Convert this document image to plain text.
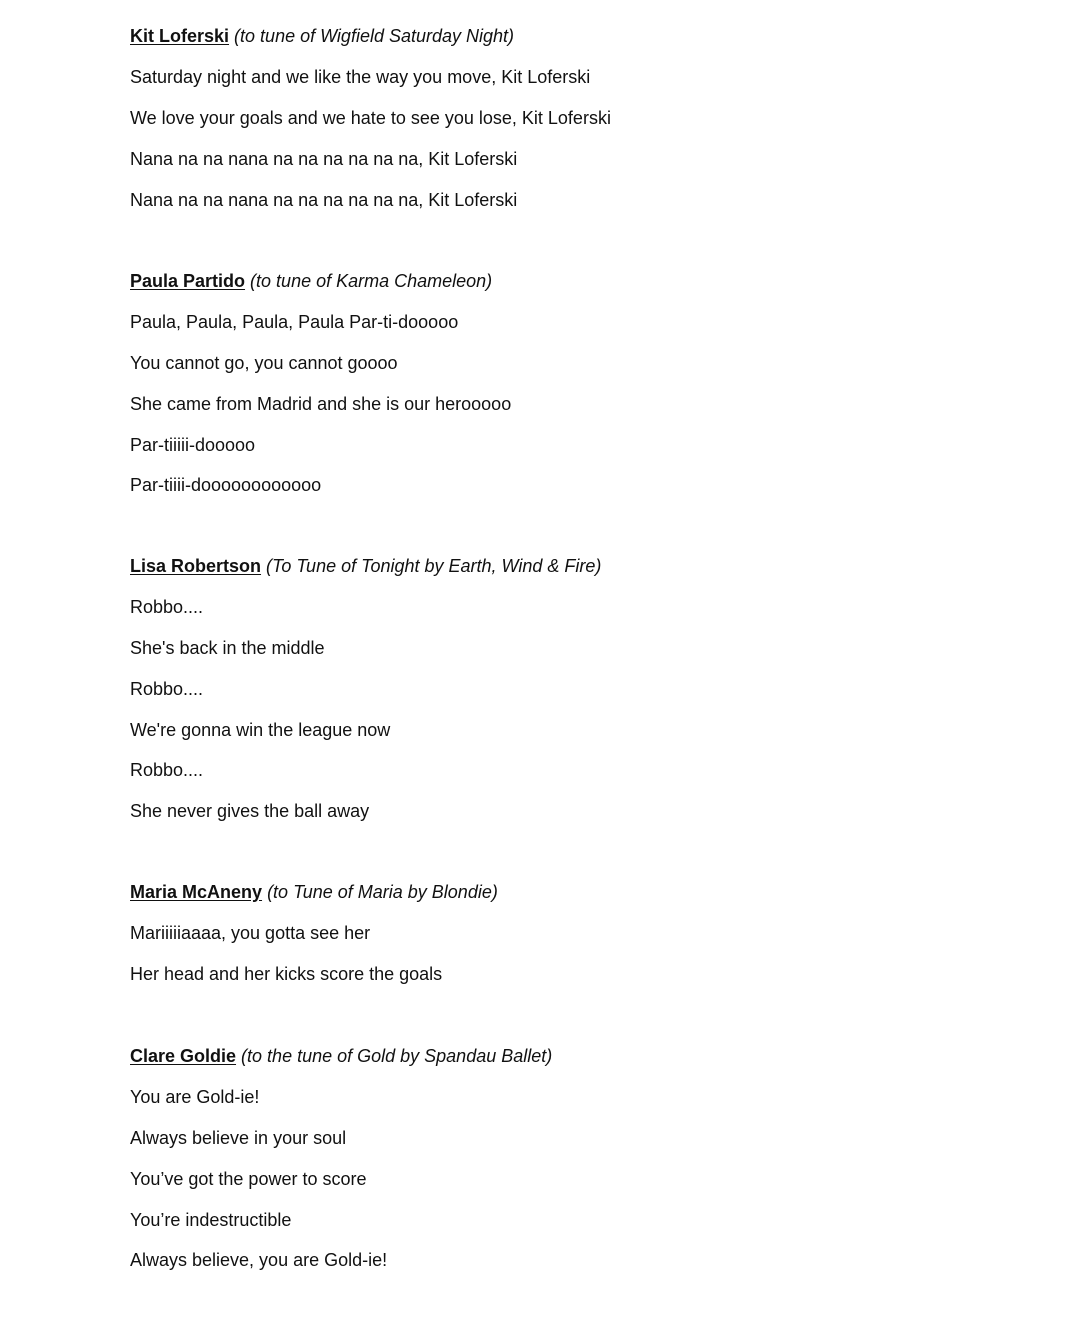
Kit Loferski (to tune of Wigfield Saturday Night)
Saturday night and we like the way you move, Kit Loferski
We love your goals and we hate to see you lose, Kit Loferski
Nana na na nana na na na na na na, Kit Loferski
Nana na na nana na na na na na na, Kit Loferski
Paula Partido (to tune of Karma Chameleon)
Paula, Paula, Paula, Paula Par-ti-dooooo
You cannot go, you cannot goooo
She came from Madrid and she is our herooooo
Par-tiiiii-dooooo
Par-tiiii-doooooooooooo
Lisa Robertson (To Tune of Tonight by Earth, Wind & Fire)
Robbo....
She's back in the middle
Robbo....
We're gonna win the league now
Robbo....
She never gives the ball away
Maria McAneny (to Tune of Maria by Blondie)
Mariiiiiaaaa, you gotta see her
Her head and her kicks score the goals
Clare Goldie (to the tune of Gold by Spandau Ballet)
You are Gold-ie!
Always believe in your soul
You’ve got the power to score
You’re indestructible
Always believe, you are Gold-ie!
